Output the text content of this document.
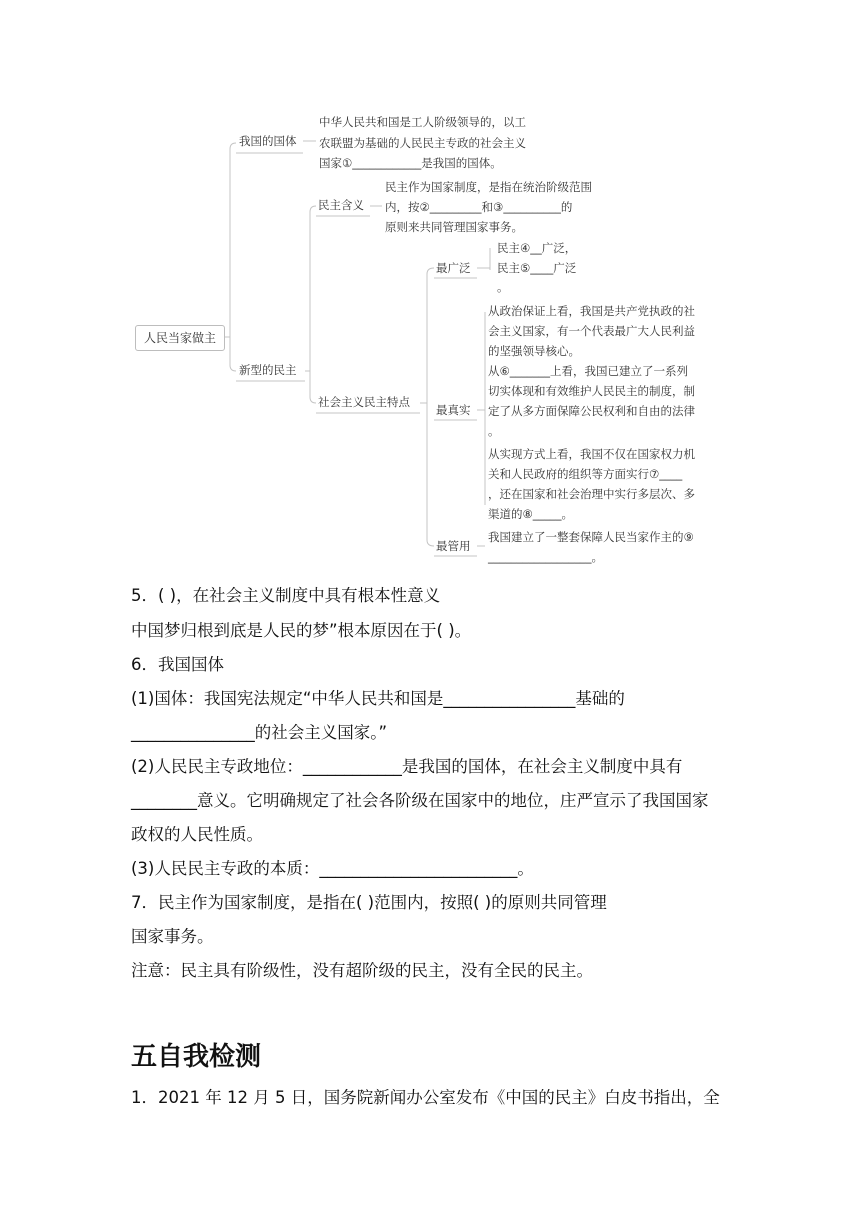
人民当家做主
我国的国体
中华人民共和国是工人阶级领导的，以工
农联盟为基础的人民民主专政的社会主义
国家①____________是我国的国体。
新型的民主
民主含义
民主作为国家制度，是指在统治阶级范围
内，按②_________和③__________的
原则来共同管理国家事务。
社会主义民主特点
最广泛
民主④__广泛，
民主⑤____广泛
。
最真实
从政治保证上看，我国是共产党执政的社
会主义国家，有一个代表最广大人民利益
的坚强领导核心。
从⑥_______上看，我国已建立了一系列
切实体现和有效维护人民民主的制度，制
定了从多方面保障公民权利和自由的法律
。
从实现方式上看，我国不仅在国家权力机
关和人民政府的组织等方面实行⑦____
，还在国家和社会治理中实行多层次、多
渠道的⑧_____。
最管用
我国建立了一整套保障人民当家作主的⑨
__________________。
5．( )，在社会主义制度中具有根本性意义
中国梦归根到底是人民的梦”根本原因在于( )。
6．我国国体
(1)国体：我国宪法规定“中华人民共和国是________________基础的
_______________的社会主义国家。”
(2)人民民主专政地位：____________是我国的国体，在社会主义制度中具有
________意义。它明确规定了社会各阶级在国家中的地位，庄严宣示了我国国家
政权的人民性质。
(3)人民民主专政的本质：________________________。
7．民主作为国家制度，是指在( )范围内，按照( )的原则共同管理
国家事务。
注意：民主具有阶级性，没有超阶级的民主，没有全民的民主。
五自我检测
1．2021 年 12 月 5 日，国务院新闻办公室发布《中国的民主》白皮书指出，全
